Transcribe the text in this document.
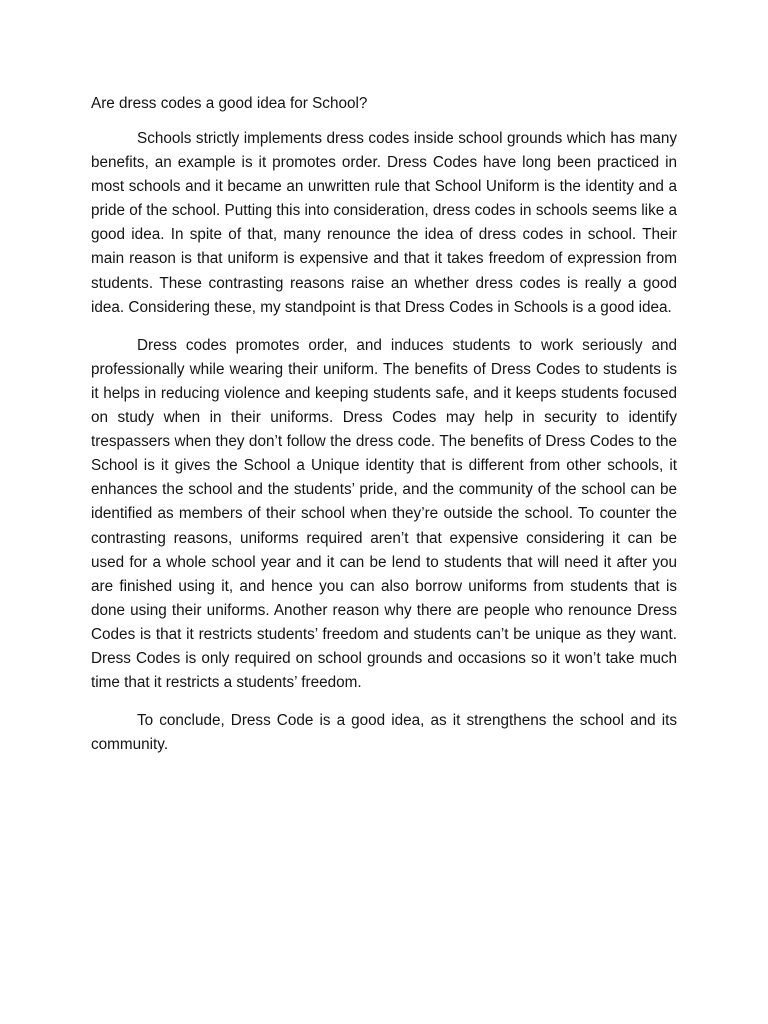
Are dress codes a good idea for School?

Schools strictly implements dress codes inside school grounds which has many benefits, an example is it promotes order. Dress Codes have long been practiced in most schools and it became an unwritten rule that School Uniform is the identity and a pride of the school. Putting this into consideration, dress codes in schools seems like a good idea. In spite of that, many renounce the idea of dress codes in school. Their main reason is that uniform is expensive and that it takes freedom of expression from students. These contrasting reasons raise an whether dress codes is really a good idea. Considering these, my standpoint is that Dress Codes in Schools is a good idea.

Dress codes promotes order, and induces students to work seriously and professionally while wearing their uniform. The benefits of Dress Codes to students is it helps in reducing violence and keeping students safe, and it keeps students focused on study when in their uniforms. Dress Codes may help in security to identify trespassers when they don’t follow the dress code. The benefits of Dress Codes to the School is it gives the School a Unique identity that is different from other schools, it enhances the school and the students’ pride, and the community of the school can be identified as members of their school when they’re outside the school. To counter the contrasting reasons, uniforms required aren’t that expensive considering it can be used for a whole school year and it can be lend to students that will need it after you are finished using it, and hence you can also borrow uniforms from students that is done using their uniforms. Another reason why there are people who renounce Dress Codes is that it restricts students’ freedom and students can’t be unique as they want. Dress Codes is only required on school grounds and occasions so it won’t take much time that it restricts a students’ freedom.

To conclude, Dress Code is a good idea, as it strengthens the school and its community.
